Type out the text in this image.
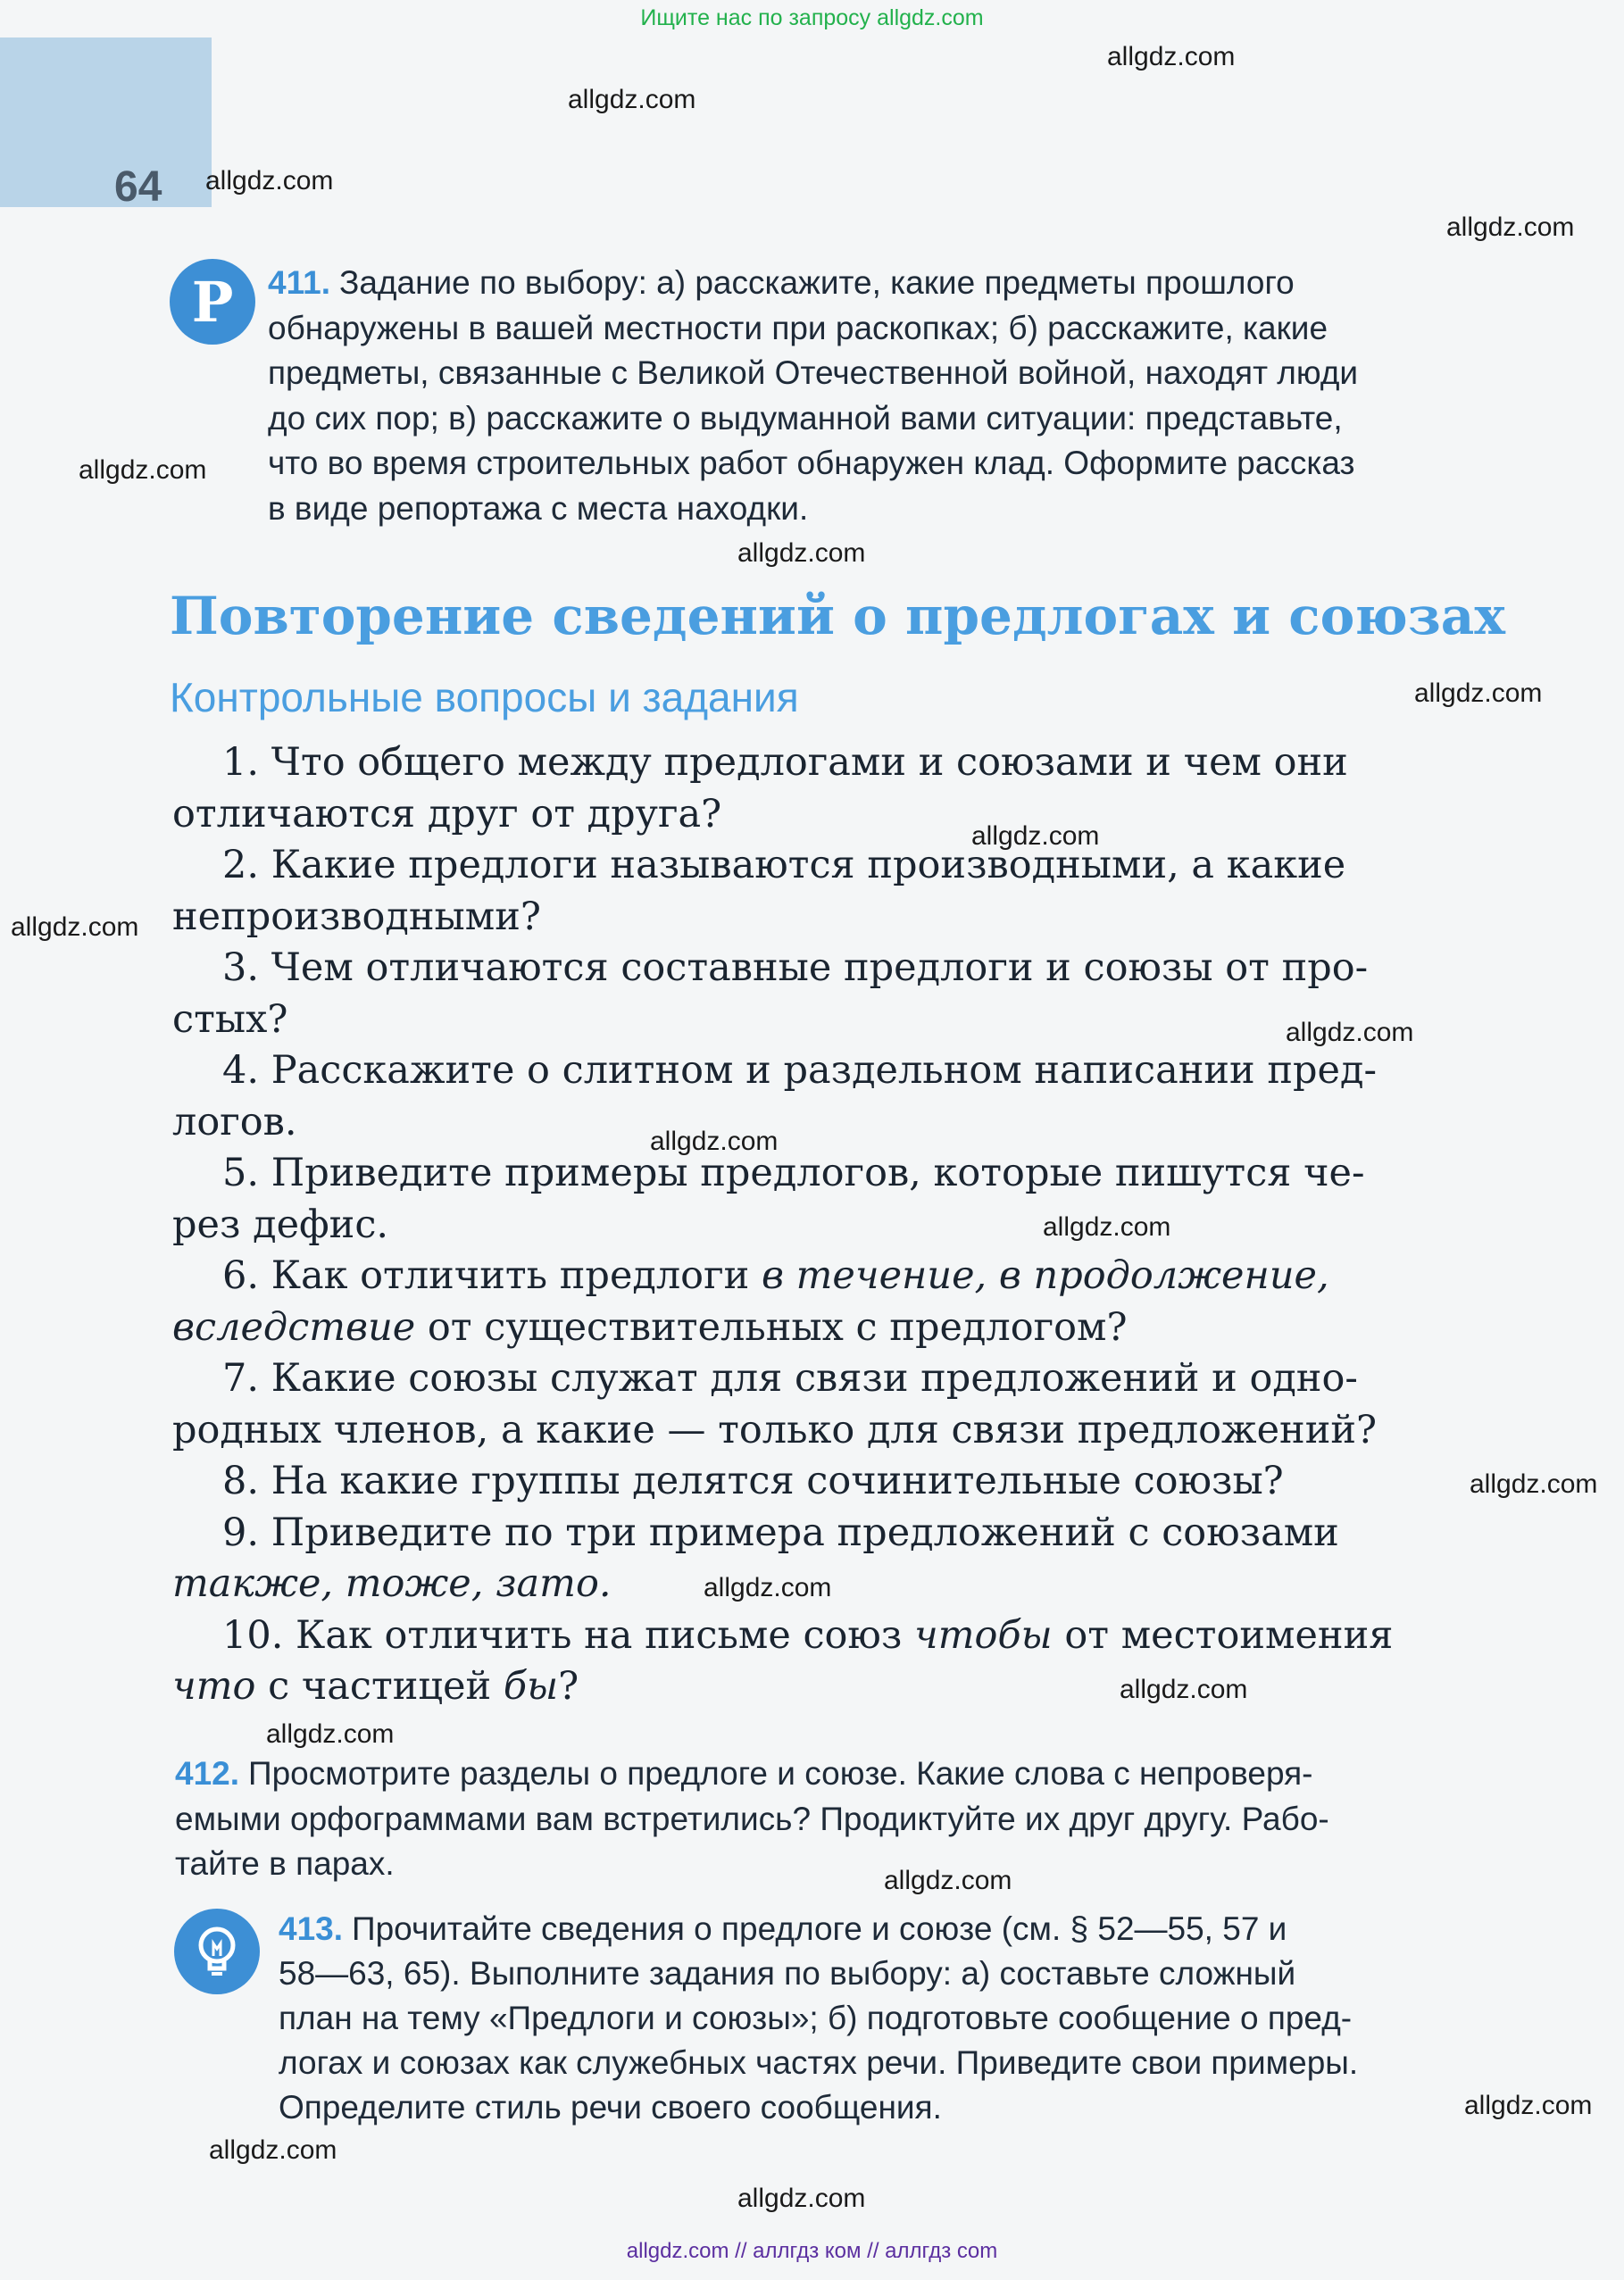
Ищите нас по запросу allgdz.com
64
allgdz.com
allgdz.com
allgdz.com
allgdz.com
allgdz.com
allgdz.com
allgdz.com
allgdz.com
allgdz.com
allgdz.com
allgdz.com
allgdz.com
allgdz.com
allgdz.com
allgdz.com
allgdz.com
allgdz.com
allgdz.com
allgdz.com
allgdz.com
Р	411. Задание по выбору: а) расскажите, какие предметы прошлого
обнаружены в вашей местности при раскопках; б) расскажите, какие
предметы, связанные с Великой Отечественной войной, находят люди
до сих пор; в) расскажите о выдуманной вами ситуации: представьте,
что во время строительных работ обнаружен клад. Оформите рассказ
в виде репортажа с места находки.
Повторение сведений о предлогах и союзах
Контрольные вопросы и задания
1. Что общего между предлогами и союзами и чем они
отличаются друг от друга?
2. Какие предлоги называются производными, а какие
непроизводными?
3. Чем отличаются составные предлоги и союзы от про-
стых?
4. Расскажите о слитном и раздельном написании пред-
логов.
5. Приведите примеры предлогов, которые пишутся че-
рез дефис.
6. Как отличить предлоги в течение, в продолжение,
вследствие от существительных с предлогом?
7. Какие союзы служат для связи предложений и одно-
родных членов, а какие — только для связи предложений?
8. На какие группы делятся сочинительные союзы?
9. Приведите по три примера предложений с союзами
также, тоже, зато.
10. Как отличить на письме союз чтобы от местоимения
что с частицей бы?
412. Просмотрите разделы о предлоге и союзе. Какие слова с непроверя-
емыми орфограммами вам встретились? Продиктуйте их друг другу. Рабо-
тайте в парах.
413. Прочитайте сведения о предлоге и союзе (см. § 52—55, 57 и
58—63, 65). Выполните задания по выбору: а) составьте сложный
план на тему «Предлоги и союзы»; б) подготовьте сообщение о пред-
логах и союзах как служебных частях речи. Приведите свои примеры.
Определите стиль речи своего сообщения.
allgdz.com // аллгдз ком // аллгдз com
